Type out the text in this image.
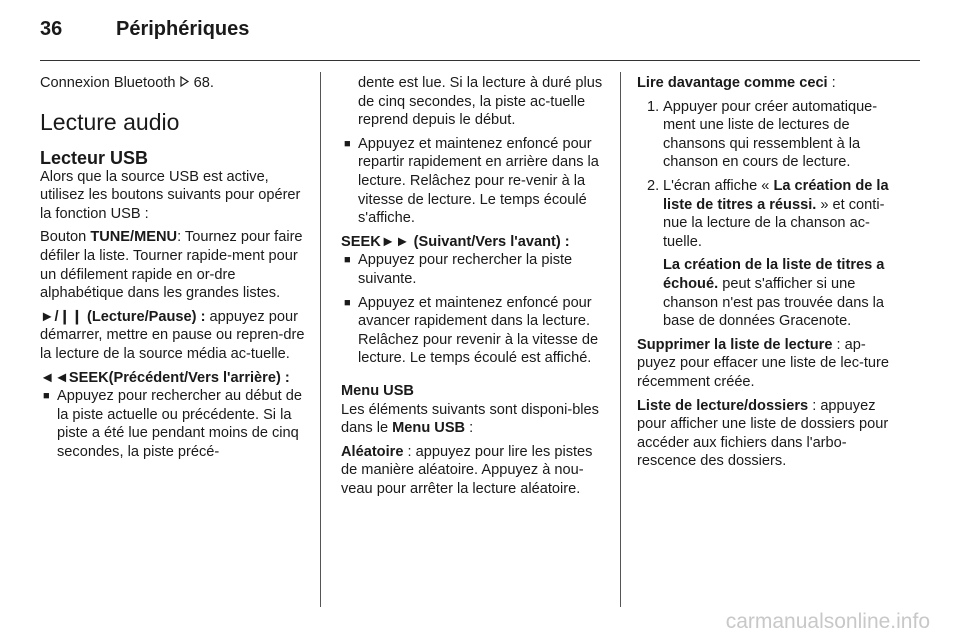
36	Périphériques

Connexion Bluetooth 68.

Lecture audio
Lecteur USB

Alors que la source USB est active, utilisez les boutons suivants pour opérer la fonction USB :

Bouton TUNE/MENU: Tournez pour faire défiler la liste. Tourner rapide-ment pour un défilement rapide en or-dre alphabétique dans les grandes listes.

►/❙❙ (Lecture/Pause) : appuyez pour démarrer, mettre en pause ou repren-dre la lecture de la source média ac-tuelle.

◄◄SEEK(Précédent/Vers l'arrière) :

■ Appuyez pour rechercher au début de la piste actuelle ou précédente. Si la piste a été lue pendant moins de cinq secondes, la piste précé-

dente est lue. Si la lecture à duré plus de cinq secondes, la piste ac-tuelle reprend depuis le début.

■ Appuyez et maintenez enfoncé pour repartir rapidement en arrière dans la lecture. Relâchez pour re-venir à la vitesse de lecture. Le temps écoulé s'affiche.

SEEK►► (Suivant/Vers l'avant) :

■ Appuyez pour rechercher la piste suivante.
■ Appuyez et maintenez enfoncé pour avancer rapidement dans la lecture. Relâchez pour revenir à la vitesse de lecture. Le temps écoulé est affiché.

Menu USB

Les éléments suivants sont disponi-bles dans le Menu USB :

Aléatoire : appuyez pour lire les pistes de manière aléatoire. Appuyez à nou-veau pour arrêter la lecture aléatoire.

Lire davantage comme ceci :

1. Appuyer pour créer automatique-ment une liste de lectures de chansons qui ressemblent à la chanson en cours de lecture.
2. L'écran affiche « La création de la liste de titres a réussi. » et conti-nue la lecture de la chanson ac-tuelle.
La création de la liste de titres a échoué. peut s'afficher si une chanson n'est pas trouvée dans la base de données Gracenote.

Supprimer la liste de lecture : ap-puyez pour effacer une liste de lec-ture récemment créée.

Liste de lecture/dossiers : appuyez pour afficher une liste de dossiers pour accéder aux fichiers dans l'arbo-rescence des dossiers.

carmanualsonline.info
